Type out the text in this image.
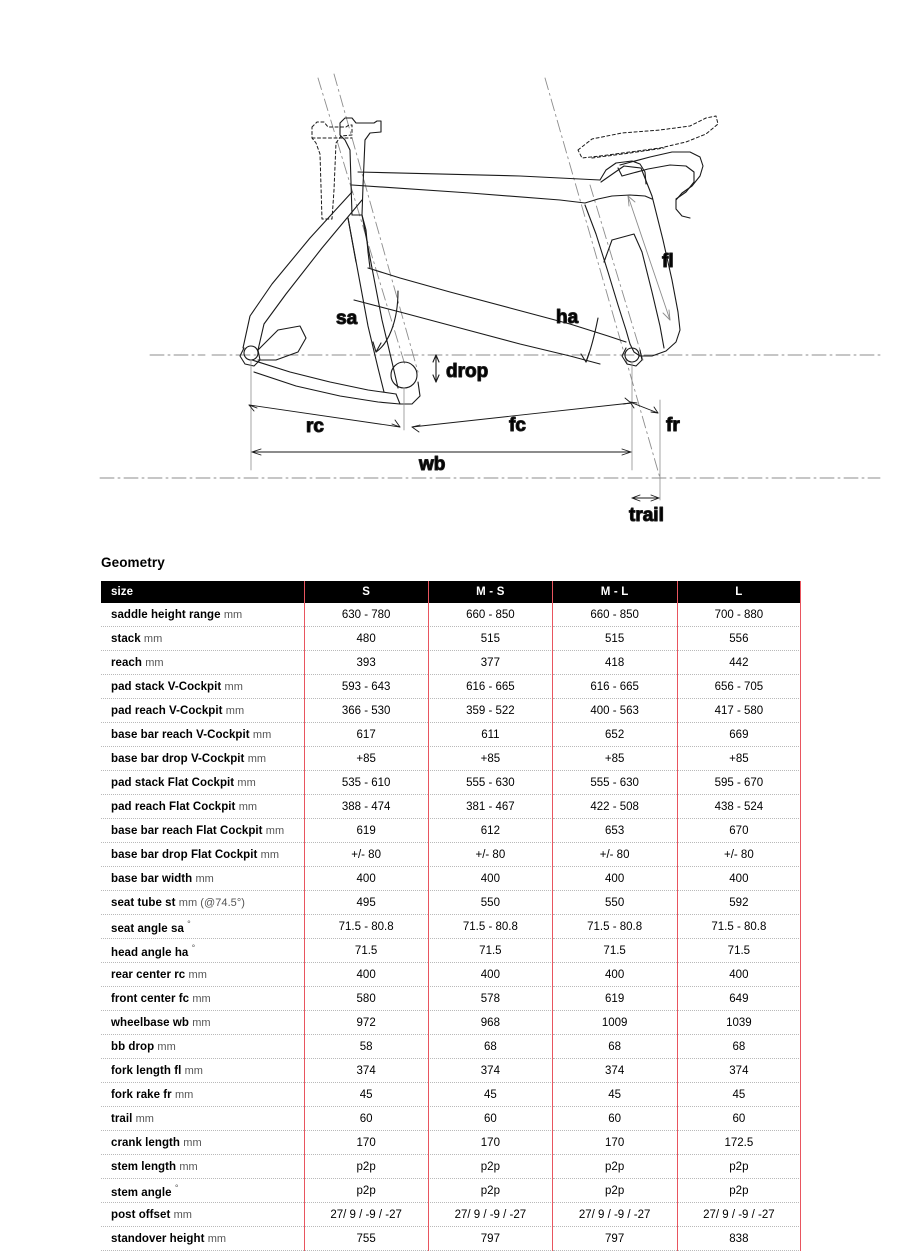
sa
drop
ha
fl
rc	fc	fr
wb
trail
Geometry
size	S	M - S	M - L	L
saddle height range mm	630 - 780	660 - 850	660 - 850	700 - 880
stack mm	480	515	515	556
reach mm	393	377	418	442
pad stack V-Cockpit mm	593 - 643	616 - 665	616 - 665	656 - 705
pad reach V-Cockpit mm	366 - 530	359 - 522	400 - 563	417 - 580
base bar reach V-Cockpit mm	617	611	652	669
base bar drop V-Cockpit mm	+85	+85	+85	+85
pad stack Flat Cockpit mm	535 - 610	555 - 630	555 - 630	595 - 670
pad reach Flat Cockpit mm	388 - 474	381 - 467	422 - 508	438 - 524
base bar reach Flat Cockpit mm	619	612	653	670
base bar drop Flat Cockpit mm	+/- 80	+/- 80	+/- 80	+/- 80
base bar width mm	400	400	400	400
seat tube st mm (@74.5°)	495	550	550	592
seat angle sa °	71.5 - 80.8	71.5 - 80.8	71.5 - 80.8	71.5 - 80.8
head angle ha °	71.5	71.5	71.5	71.5
rear center rc mm	400	400	400	400
front center fc mm	580	578	619	649
wheelbase wb mm	972	968	1009	1039
bb drop mm	58	68	68	68
fork length fl mm	374	374	374	374
fork rake fr mm	45	45	45	45
trail mm	60	60	60	60
crank length mm	170	170	170	172.5
stem length mm	p2p	p2p	p2p	p2p
stem angle °	p2p	p2p	p2p	p2p
post offset mm	27/ 9 / -9 / -27	27/ 9 / -9 / -27	27/ 9 / -9 / -27	27/ 9 / -9 / -27
standover height mm	755	797	797	838
